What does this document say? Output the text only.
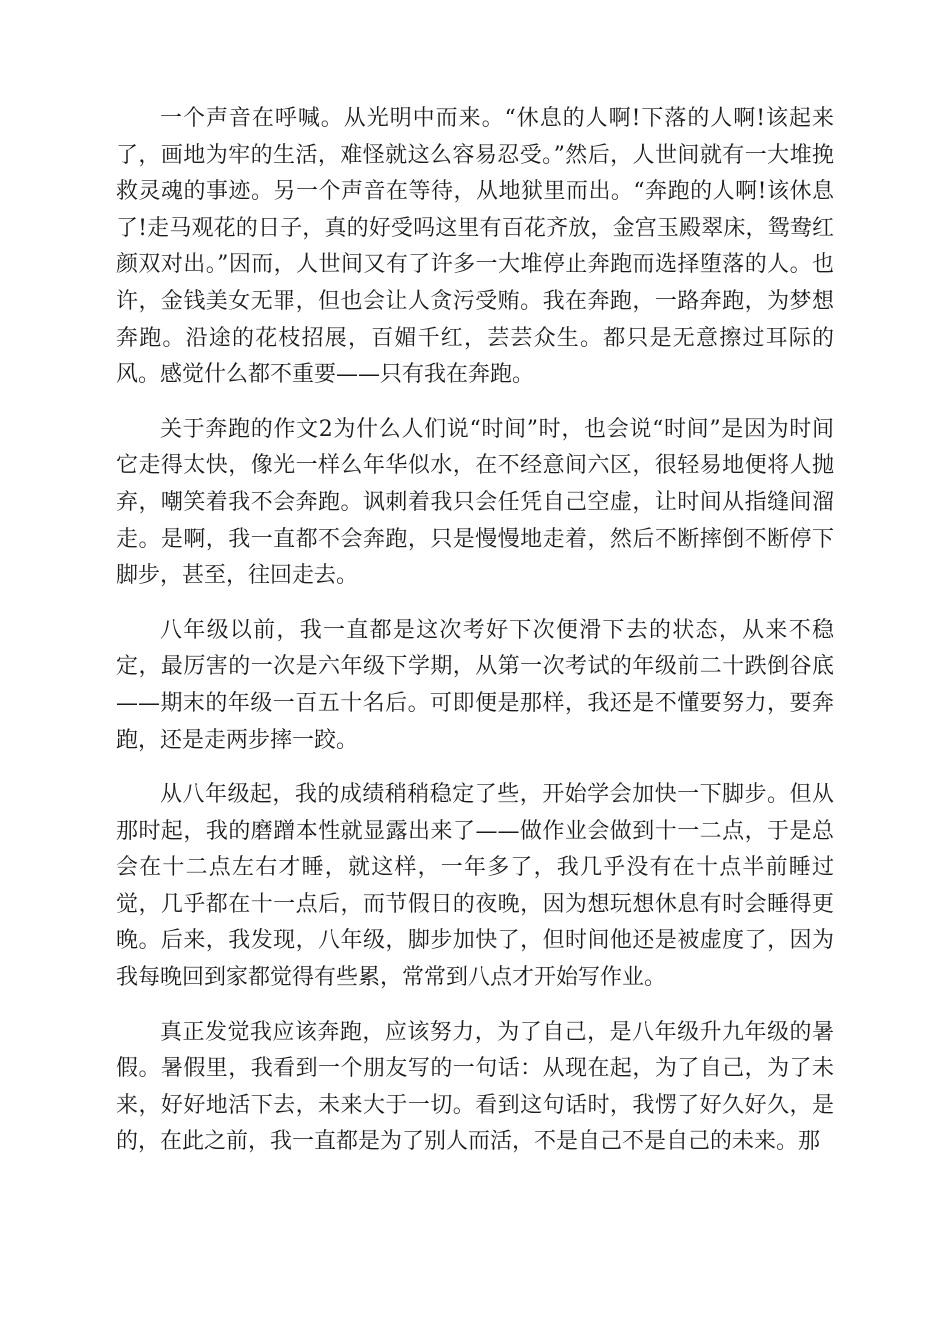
一个声音在呼喊。从光明中而来。“休息的人啊!下落的人啊!该起来了，画地为牢的生活，难怪就这么容易忍受。”然后，人世间就有一大堆挽救灵魂的事迹。另一个声音在等待，从地狱里而出。“奔跑的人啊!该休息了!走马观花的日子，真的好受吗这里有百花齐放，金宫玉殿翠床，鸳鸯红颜双对出。”因而，人世间又有了许多一大堆停止奔跑而选择堕落的人。也许，金钱美女无罪，但也会让人贪污受贿。我在奔跑，一路奔跑，为梦想奔跑。沿途的花枝招展，百媚千红，芸芸众生。都只是无意擦过耳际的风。感觉什么都不重要——只有我在奔跑。

关于奔跑的作文2为什么人们说“时间”时，也会说“时间”是因为时间它走得太快，像光一样么年华似水，在不经意间六区，很轻易地便将人抛弃，嘲笑着我不会奔跑。讽刺着我只会任凭自己空虚，让时间从指缝间溜走。是啊，我一直都不会奔跑，只是慢慢地走着，然后不断摔倒不断停下脚步，甚至，往回走去。

八年级以前，我一直都是这次考好下次便滑下去的状态，从来不稳定，最厉害的一次是六年级下学期，从第一次考试的年级前二十跌倒谷底——期末的年级一百五十名后。可即便是那样，我还是不懂要努力，要奔跑，还是走两步摔一跤。

从八年级起，我的成绩稍稍稳定了些，开始学会加快一下脚步。但从那时起，我的磨蹭本性就显露出来了——做作业会做到十一二点，于是总会在十二点左右才睡，就这样，一年多了，我几乎没有在十点半前睡过觉，几乎都在十一点后，而节假日的夜晚，因为想玩想休息有时会睡得更晚。后来，我发现，八年级，脚步加快了，但时间他还是被虚度了，因为我每晚回到家都觉得有些累，常常到八点才开始写作业。

真正发觉我应该奔跑，应该努力，为了自己，是八年级升九年级的暑假。暑假里，我看到一个朋友写的一句话：从现在起，为了自己，为了未来，好好地活下去，未来大于一切。看到这句话时，我愣了好久好久，是的，在此之前，我一直都是为了别人而活，不是自己不是自己的未来。那
